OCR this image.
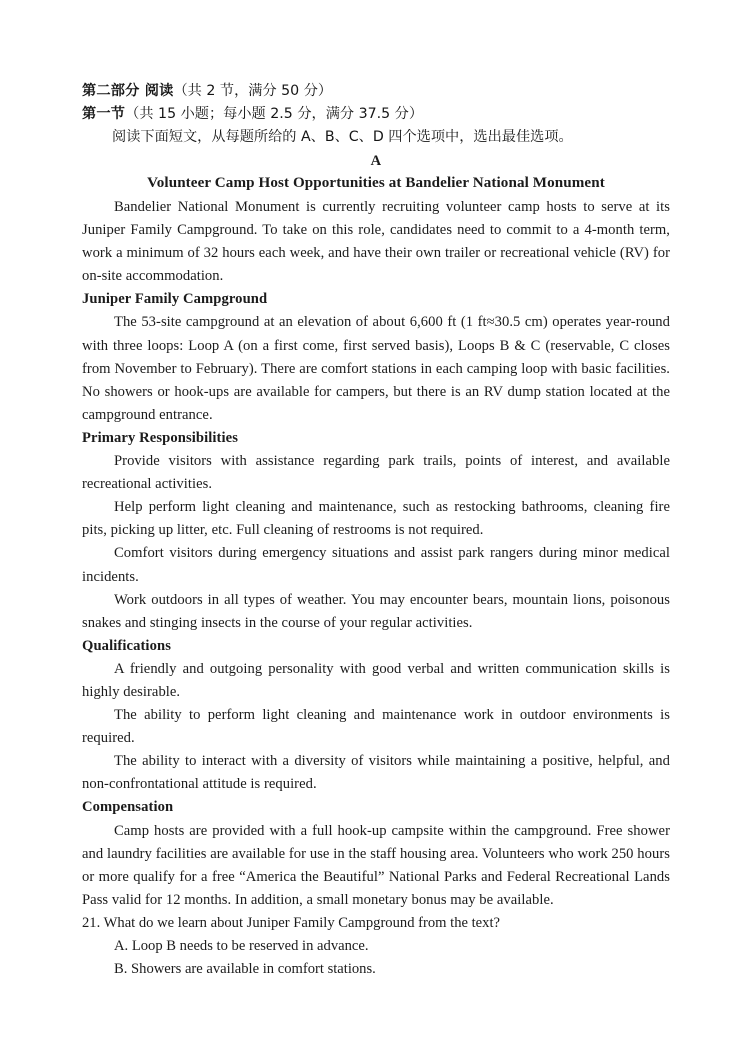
第二部分 阅读（共 2 节，满分 50 分）
第一节（共 15 小题；每小题 2.5 分，满分 37.5 分）
阅读下面短文，从每题所给的 A、B、C、D 四个选项中，选出最佳选项。
A
Volunteer Camp Host Opportunities at Bandelier National Monument

Bandelier National Monument is currently recruiting volunteer camp hosts to serve at its Juniper Family Campground. To take on this role, candidates need to commit to a 4-month term, work a minimum of 32 hours each week, and have their own trailer or recreational vehicle (RV) for on-site accommodation.

Juniper Family Campground

The 53-site campground at an elevation of about 6,600 ft (1 ft≈30.5 cm) operates year-round with three loops: Loop A (on a first come, first served basis), Loops B & C (reservable, C closes from November to February). There are comfort stations in each camping loop with basic facilities. No showers or hook-ups are available for campers, but there is an RV dump station located at the campground entrance.

Primary Responsibilities

Provide visitors with assistance regarding park trails, points of interest, and available recreational activities.

Help perform light cleaning and maintenance, such as restocking bathrooms, cleaning fire pits, picking up litter, etc. Full cleaning of restrooms is not required.

Comfort visitors during emergency situations and assist park rangers during minor medical incidents.

Work outdoors in all types of weather. You may encounter bears, mountain lions, poisonous snakes and stinging insects in the course of your regular activities.

Qualifications

A friendly and outgoing personality with good verbal and written communication skills is highly desirable.

The ability to perform light cleaning and maintenance work in outdoor environments is required.

The ability to interact with a diversity of visitors while maintaining a positive, helpful, and non-confrontational attitude is required.

Compensation

Camp hosts are provided with a full hook-up campsite within the campground. Free shower and laundry facilities are available for use in the staff housing area. Volunteers who work 250 hours or more qualify for a free “America the Beautiful” National Parks and Federal Recreational Lands Pass valid for 12 months. In addition, a small monetary bonus may be available.

21. What do we learn about Juniper Family Campground from the text?

A. Loop B needs to be reserved in advance.

B. Showers are available in comfort stations.
